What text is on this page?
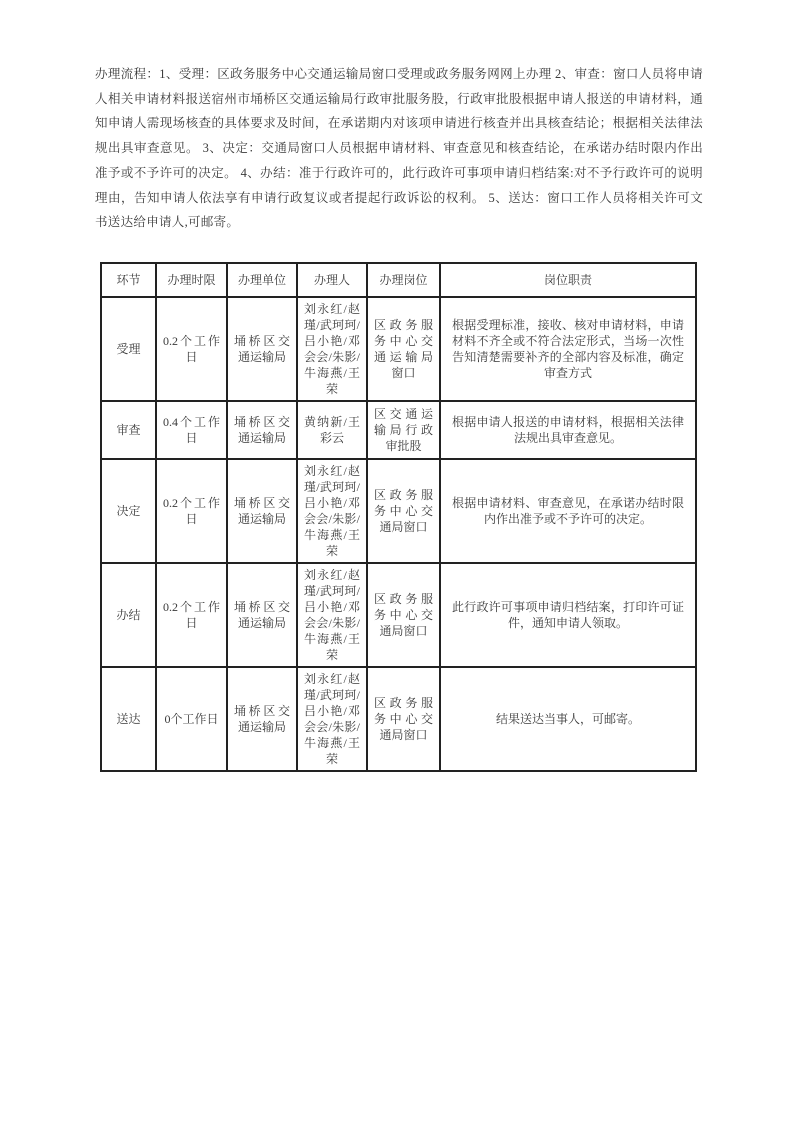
办理流程：1、受理：区政务服务中心交通运输局窗口受理或政务服务网网上办理 2、审查：窗口人员将申请人相关申请材料报送宿州市埇桥区交通运输局行政审批服务股，行政审批股根据申请人报送的申请材料，通知申请人需现场核查的具体要求及时间，在承诺期内对该项申请进行核查并出具核查结论；根据相关法律法规出具审查意见。 3、决定：交通局窗口人员根据申请材料、审查意见和核查结论，在承诺办结时限内作出准予或不予许可的决定。 4、办结：准于行政许可的，此行政许可事项申请归档结案:对不予行政许可的说明理由，告知申请人依法享有申请行政复议或者提起行政诉讼的权利。 5、送达：窗口工作人员将相关许可文书送达给申请人,可邮寄。

环节	办理时限	办理单位	办理人	办理岗位	岗位职责
受理	0.2个工作日	埇桥区交通运输局	刘永红/赵瑾/武珂珂/吕小艳/邓会会/朱影/牛海燕/王荣	区政务服务中心交通运输局窗口	根据受理标准，接收、核对申请材料，申请材料不齐全或不符合法定形式，当场一次性告知清楚需要补齐的全部内容及标准，确定审查方式
审查	0.4个工作日	埇桥区交通运输局	黄纳新/王彩云	区交通运输局行政审批股	根据申请人报送的申请材料，根据相关法律法规出具审查意见。
决定	0.2个工作日	埇桥区交通运输局	刘永红/赵瑾/武珂珂/吕小艳/邓会会/朱影/牛海燕/王荣	区政务服务中心交通局窗口	根据申请材料、审查意见，在承诺办结时限内作出准予或不予许可的决定。
办结	0.2个工作日	埇桥区交通运输局	刘永红/赵瑾/武珂珂/吕小艳/邓会会/朱影/牛海燕/王荣	区政务服务中心交通局窗口	此行政许可事项申请归档结案，打印许可证件，通知申请人领取。
送达	0个工作日	埇桥区交通运输局	刘永红/赵瑾/武珂珂/吕小艳/邓会会/朱影/牛海燕/王荣	区政务服务中心交通局窗口	结果送达当事人，可邮寄。
